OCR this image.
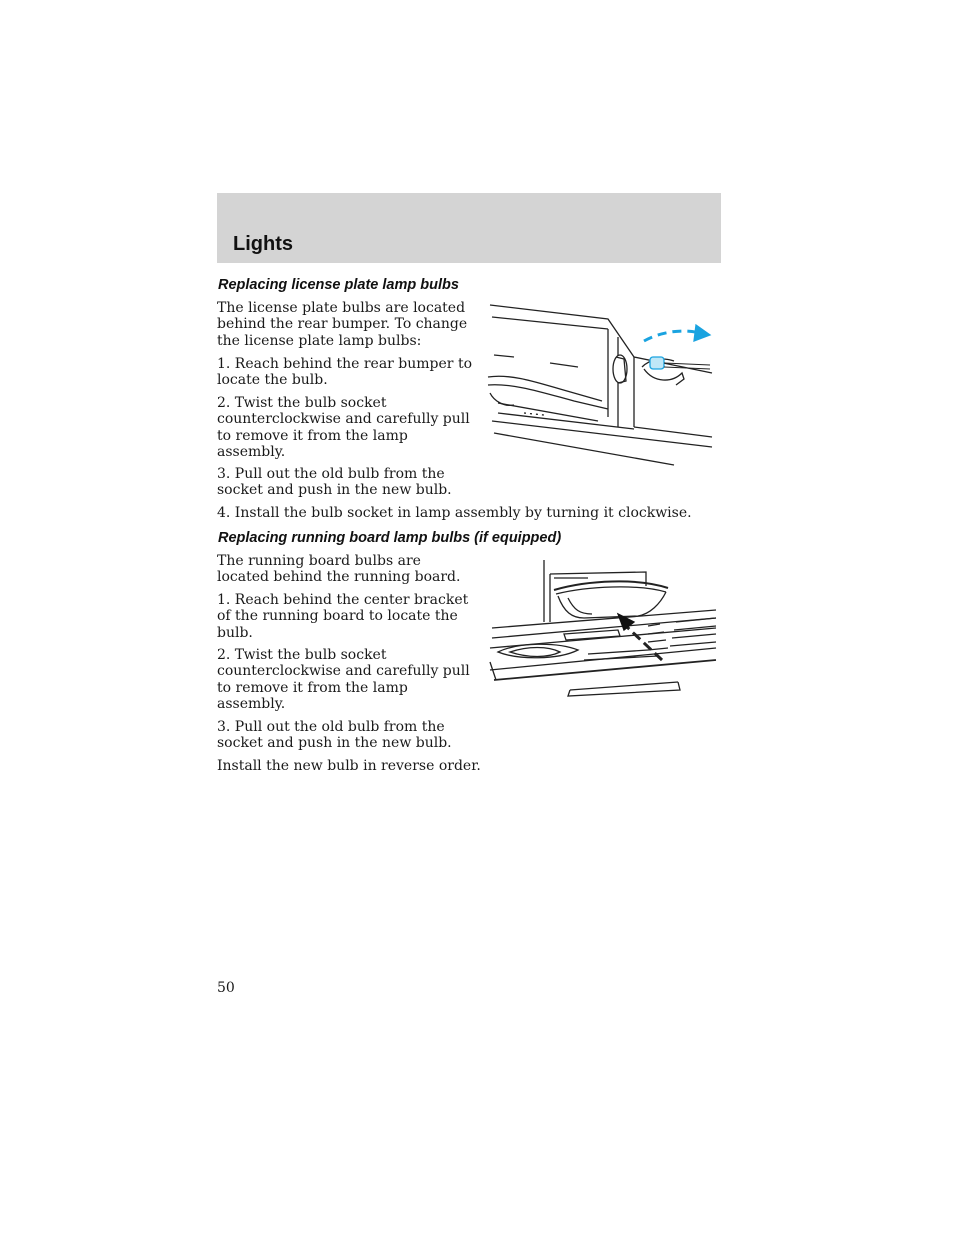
Lights
Replacing license plate lamp bulbs

The license plate bulbs are located behind the rear bumper. To change the license plate lamp bulbs:

1. Reach behind the rear bumper to locate the bulb.

2. Twist the bulb socket counterclockwise and carefully pull to remove it from the lamp assembly.

3. Pull out the old bulb from the socket and push in the new bulb.

4. Install the bulb socket in lamp assembly by turning it clockwise.

Replacing running board lamp bulbs (if equipped)

The running board bulbs are located behind the running board.

1. Reach behind the center bracket of the running board to locate the bulb.

2. Twist the bulb socket counterclockwise and carefully pull to remove it from the lamp assembly.

3. Pull out the old bulb from the socket and push in the new bulb.

Install the new bulb in reverse order.

50
